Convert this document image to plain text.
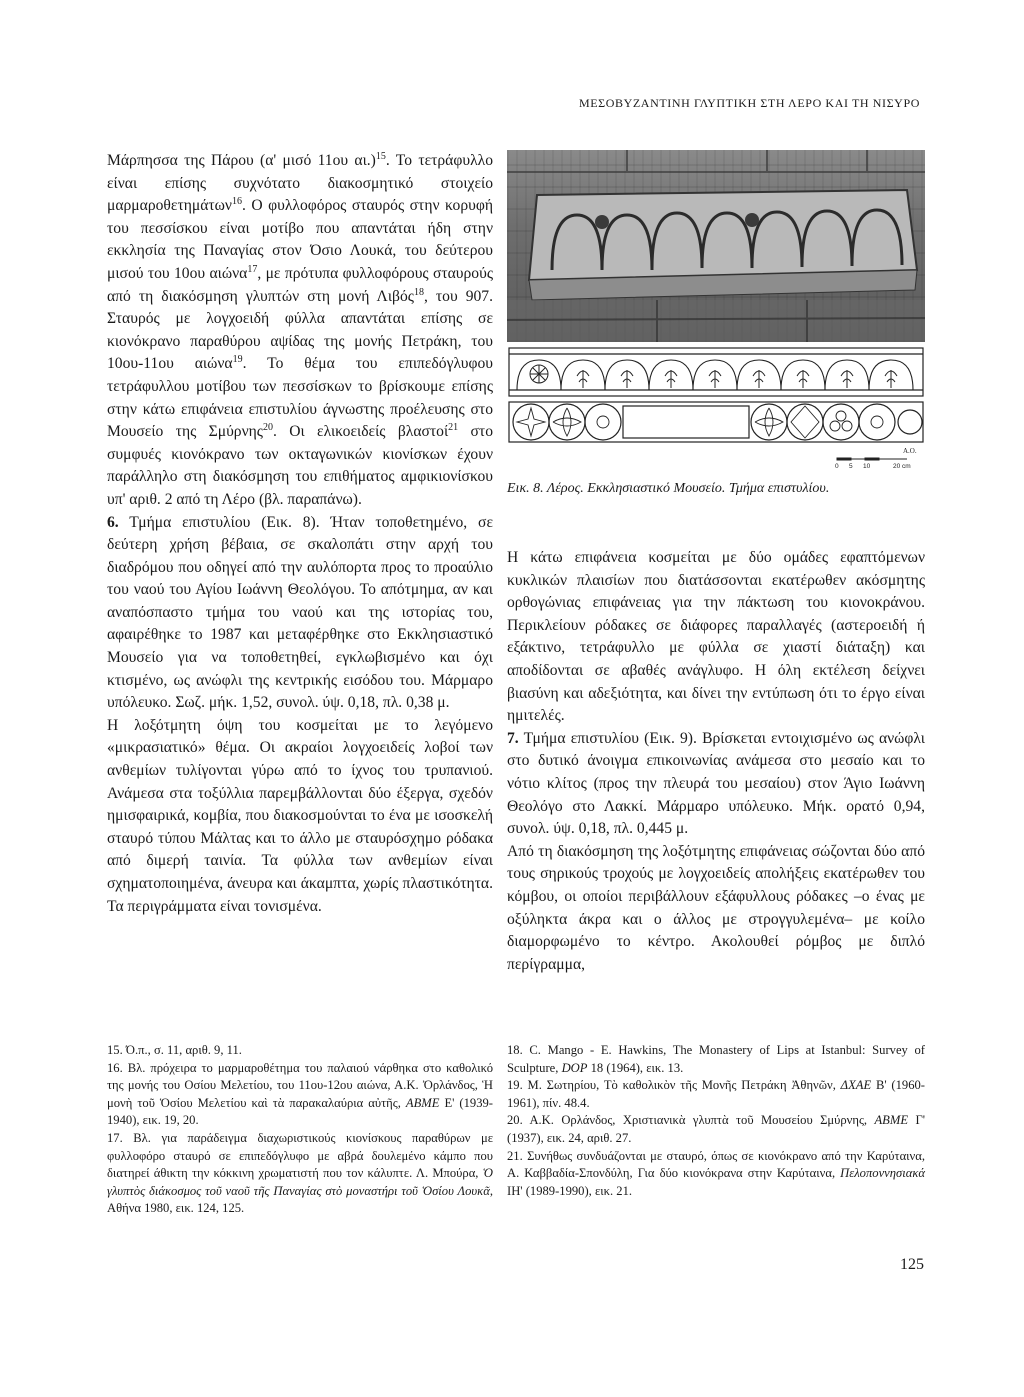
ΜΕΣΟΒΥΖΑΝΤΙΝΗ ΓΛΥΠΤΙΚΗ ΣΤΗ ΛΕΡΟ ΚΑΙ ΤΗ ΝΙΣΥΡΟ

Μάρπησσα της Πάρου (α' μισό 11ου αι.)$^{15}$. Το τετράφυλλο είναι επίσης συχνότατο διακοσμητικό στοιχείο μαρμαροθετημάτων$^{16}$. Ο φυλλοφόρος σταυρός στην κορυφή του πεσσίσκου είναι μοτίβο που απαντάται ήδη στην εκκλησία της Παναγίας στον Όσιο Λουκά, του δεύτερου μισού του 10ου αιώνα$^{17}$, με πρότυπα φυλλοφόρους σταυρούς από τη διακόσμηση γλυπτών στη μονή Λιβός$^{18}$, του 907. Σταυρός με λογχοειδή φύλλα απαντάται επίσης σε κιονόκρανο παραθύρου αψίδας της μονής Πετράκη, του 10ου-11ου αιώνα$^{19}$. Το θέμα του επιπεδόγλυφου τετράφυλλου μοτίβου των πεσσίσκων το βρίσκουμε επίσης στην κάτω επιφάνεια επιστυλίου άγνωστης προέλευσης στο Μουσείο της Σμύρνης$^{20}$. Οι ελικοειδείς βλαστοί$^{21}$ στο συμφυές κιονόκρανο των οκταγωνικών κιονίσκων έχουν παράλληλο στη διακόσμηση του επιθήματος αμφικιονίσκου υπ' αριθ. 2 από τη Λέρο (βλ. παραπάνω).

6. Τμήμα επιστυλίου (Εικ. 8). Ήταν τοποθετημένο, σε δεύτερη χρήση βέβαια, σε σκαλοπάτι στην αρχή του διαδρόμου που οδηγεί από την αυλόπορτα προς το πρoαύλιο του ναού του Αγίου Ιωάννη Θεολόγου. Το απότμημα, αν και αναπόσπαστο τμήμα του ναού και της ιστορίας του, αφαιρέθηκε το 1987 και μεταφέρθηκε στο Εκκλησιαστικό Μουσείο για να τοποθετηθεί, εγκλωβισμένο και όχι κτισμένο, ως ανώφλι της κεντρικής εισόδου του. Μάρμαρο υπόλευκο. Σωζ. μήκ. 1,52, συνολ. ύψ. 0,18, πλ. 0,38 μ.

Η λοξότμητη όψη του κοσμείται με το λεγόμενο «μικρασιατικό» θέμα. Οι ακραίοι λογχοειδείς λοβοί των ανθεμίων τυλίγονται γύρω από το ίχνος του τρυπανιού. Ανάμεσα στα τοξύλλια παρεμβάλλονται δύο έξεργα, σχεδόν ημισφαιρικά, κομβία, που διακοσμούνται το ένα με ισοσκελή σταυρό τύπου Μάλτας και το άλλο με σταυρόσχημο ρόδακα από διμερή ταινία. Τα φύλλα των ανθεμίων είναι σχηματοποιημένα, άνευρα και άκαμπτα, χωρίς πλαστικότητα. Τα περιγράμματα είναι τονισμένα.

Α.Ο.
0 5 10	20 cm
Εικ. 8. Λέρος. Εκκλησιαστικό Μουσείο. Τμήμα επιστυλίου.

Η κάτω επιφάνεια κοσμείται με δύο ομάδες εφαπτόμενων κυκλικών πλαισίων που διατάσσονται εκατέρωθεν ακόσμητης ορθογώνιας επιφάνειας για την πάκτωση του κιονοκράνου. Περικλείουν ρόδακες σε διάφορες παραλλαγές (αστεροειδή ή εξάκτινο, τετράφυλλο με φύλλα σε χιαστί διάταξη) και αποδίδονται σε αβαθές ανάγλυφο. Η όλη εκτέλεση δείχνει βιασύνη και αδεξιότητα, και δίνει την εντύπωση ότι το έργο είναι ημιτελές.

7. Τμήμα επιστυλίου (Εικ. 9). Βρίσκεται εντοιχισμένο ως ανώφλι στο δυτικό άνοιγμα επικοινωνίας ανάμεσα στο μεσαίο και το νότιο κλίτος (προς την πλευρά του μεσαίου) στον Άγιο Ιωάννη Θεολόγο στο Λακκί. Μάρμαρο υπόλευκο. Μήκ. ορατό 0,94, συνολ. ύψ. 0,18, πλ. 0,445 μ.

Από τη διακόσμηση της λοξότμητης επιφάνειας σώζονται δύο από τους σηρικούς τροχούς με λογχοειδείς απολήξεις εκατέρωθεν του κόμβου, οι οποίοι περιβάλλουν εξάφυλλους ρόδακες –ο ένας με οξύληκτα άκρα και ο άλλος με στρογγυλεμένα– με κοίλο διαμορφωμένο το κέντρο. Ακολουθεί ρόμβος με διπλό περίγραμμα,

15. Ό.π., σ. 11, αριθ. 9, 11.
16. Βλ. πρόχειρα το μαρμαροθέτημα του παλαιού νάρθηκα στο καθολικό της μονής του Οσίου Μελετίου, του 11ου-12ου αιώνα, Α.Κ. Ὀρλάνδος, Ἡ μονὴ τοῦ Ὁσίου Μελετίου καὶ τὰ παρακαλαύρια αὐτῆς, ΑΒΜΕ Ε' (1939-1940), εικ. 19, 20.
17. Βλ. για παράδειγμα διαχωριστικούς κιονίσκους παραθύρων με φυλλοφόρο σταυρό σε επιπεδόγλυφο με αβρά δουλεμένο κάμπο που διατηρεί άθικτη την κόκκινη χρωματιστή που τον κάλυπτε. Λ. Μπούρα, Ὁ γλυπτὸς διάκοσμος τοῦ ναοῦ τῆς Παναγίας στὸ μοναστήρι τοῦ Ὁσίου Λουκᾶ, Αθήνα 1980, εικ. 124, 125.
18. C. Mango - E. Hawkins, The Monastery of Lips at Istanbul: Survey of Sculpture, DOP 18 (1964), εικ. 13.
19. Μ. Σωτηρίου, Τὸ καθολικὸν τῆς Μονῆς Πετράκη Ἀθηνῶν, ΔΧΑΕ Β' (1960-1961), πίν. 48.4.
20. Α.Κ. Ορλάνδος, Χριστιανικὰ γλυπτὰ τοῦ Μουσείου Σμύρνης, ΑΒΜΕ Γ' (1937), εικ. 24, αριθ. 27.
21. Συνήθως συνδυάζονται με σταυρό, όπως σε κιονόκρανο από την Καρύταινα, Α. Καββαδία-Σπονδύλη, Για δύο κιονόκρανα στην Καρύταινα, Πελοποννησιακά ΙΗ' (1989-1990), εικ. 21.
125
